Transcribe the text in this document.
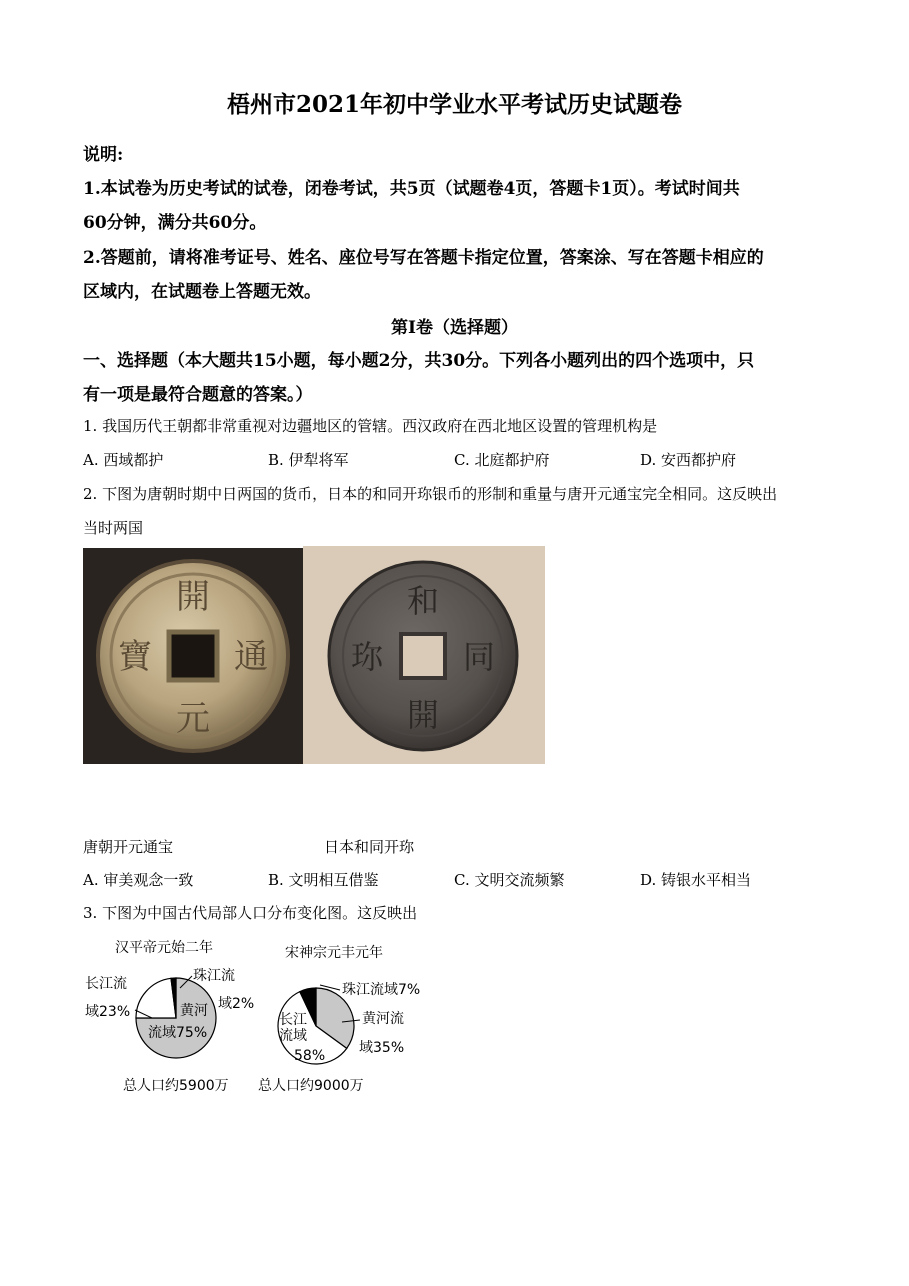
梧州市2021年初中学业水平考试历史试题卷
说明:
1.本试卷为历史考试的试卷，闭卷考试，共5页（试题卷4页，答题卡1页）。考试时间共
60分钟，满分共60分。
2.答题前，请将准考证号、姓名、座位号写在答题卡指定位置，答案涂、写在答题卡相应的
区域内，在试题卷上答题无效。
第I卷（选择题）
一、选择题（本大题共15小题，每小题2分，共30分。下列各小题列出的四个选项中，只
有一项是最符合题意的答案。）
1. 我国历代王朝都非常重视对边疆地区的管辖。西汉政府在西北地区设置的管理机构是
A. 西域都护	B. 伊犁将军	C. 北庭都护府	D. 安西都护府
2. 下图为唐朝时期中日两国的货币，日本的和同开珎银币的形制和重量与唐开元通宝完全相同。这反映出
当时两国
開
通
元
寶
和
同
開
珎
唐朝开元通宝	日本和同开珎
A. 审美观念一致	B. 文明相互借鉴	C. 文明交流频繁	D. 铸银水平相当
3. 下图为中国古代局部人口分布变化图。这反映出
汉平帝元始二年
长江流
域23%
珠江流
域2%
黄河
流域75%
总人口约5900万
宋神宗元丰元年
长江
流域
58%
珠江流域7%
黄河流
域35%
总人口约9000万
